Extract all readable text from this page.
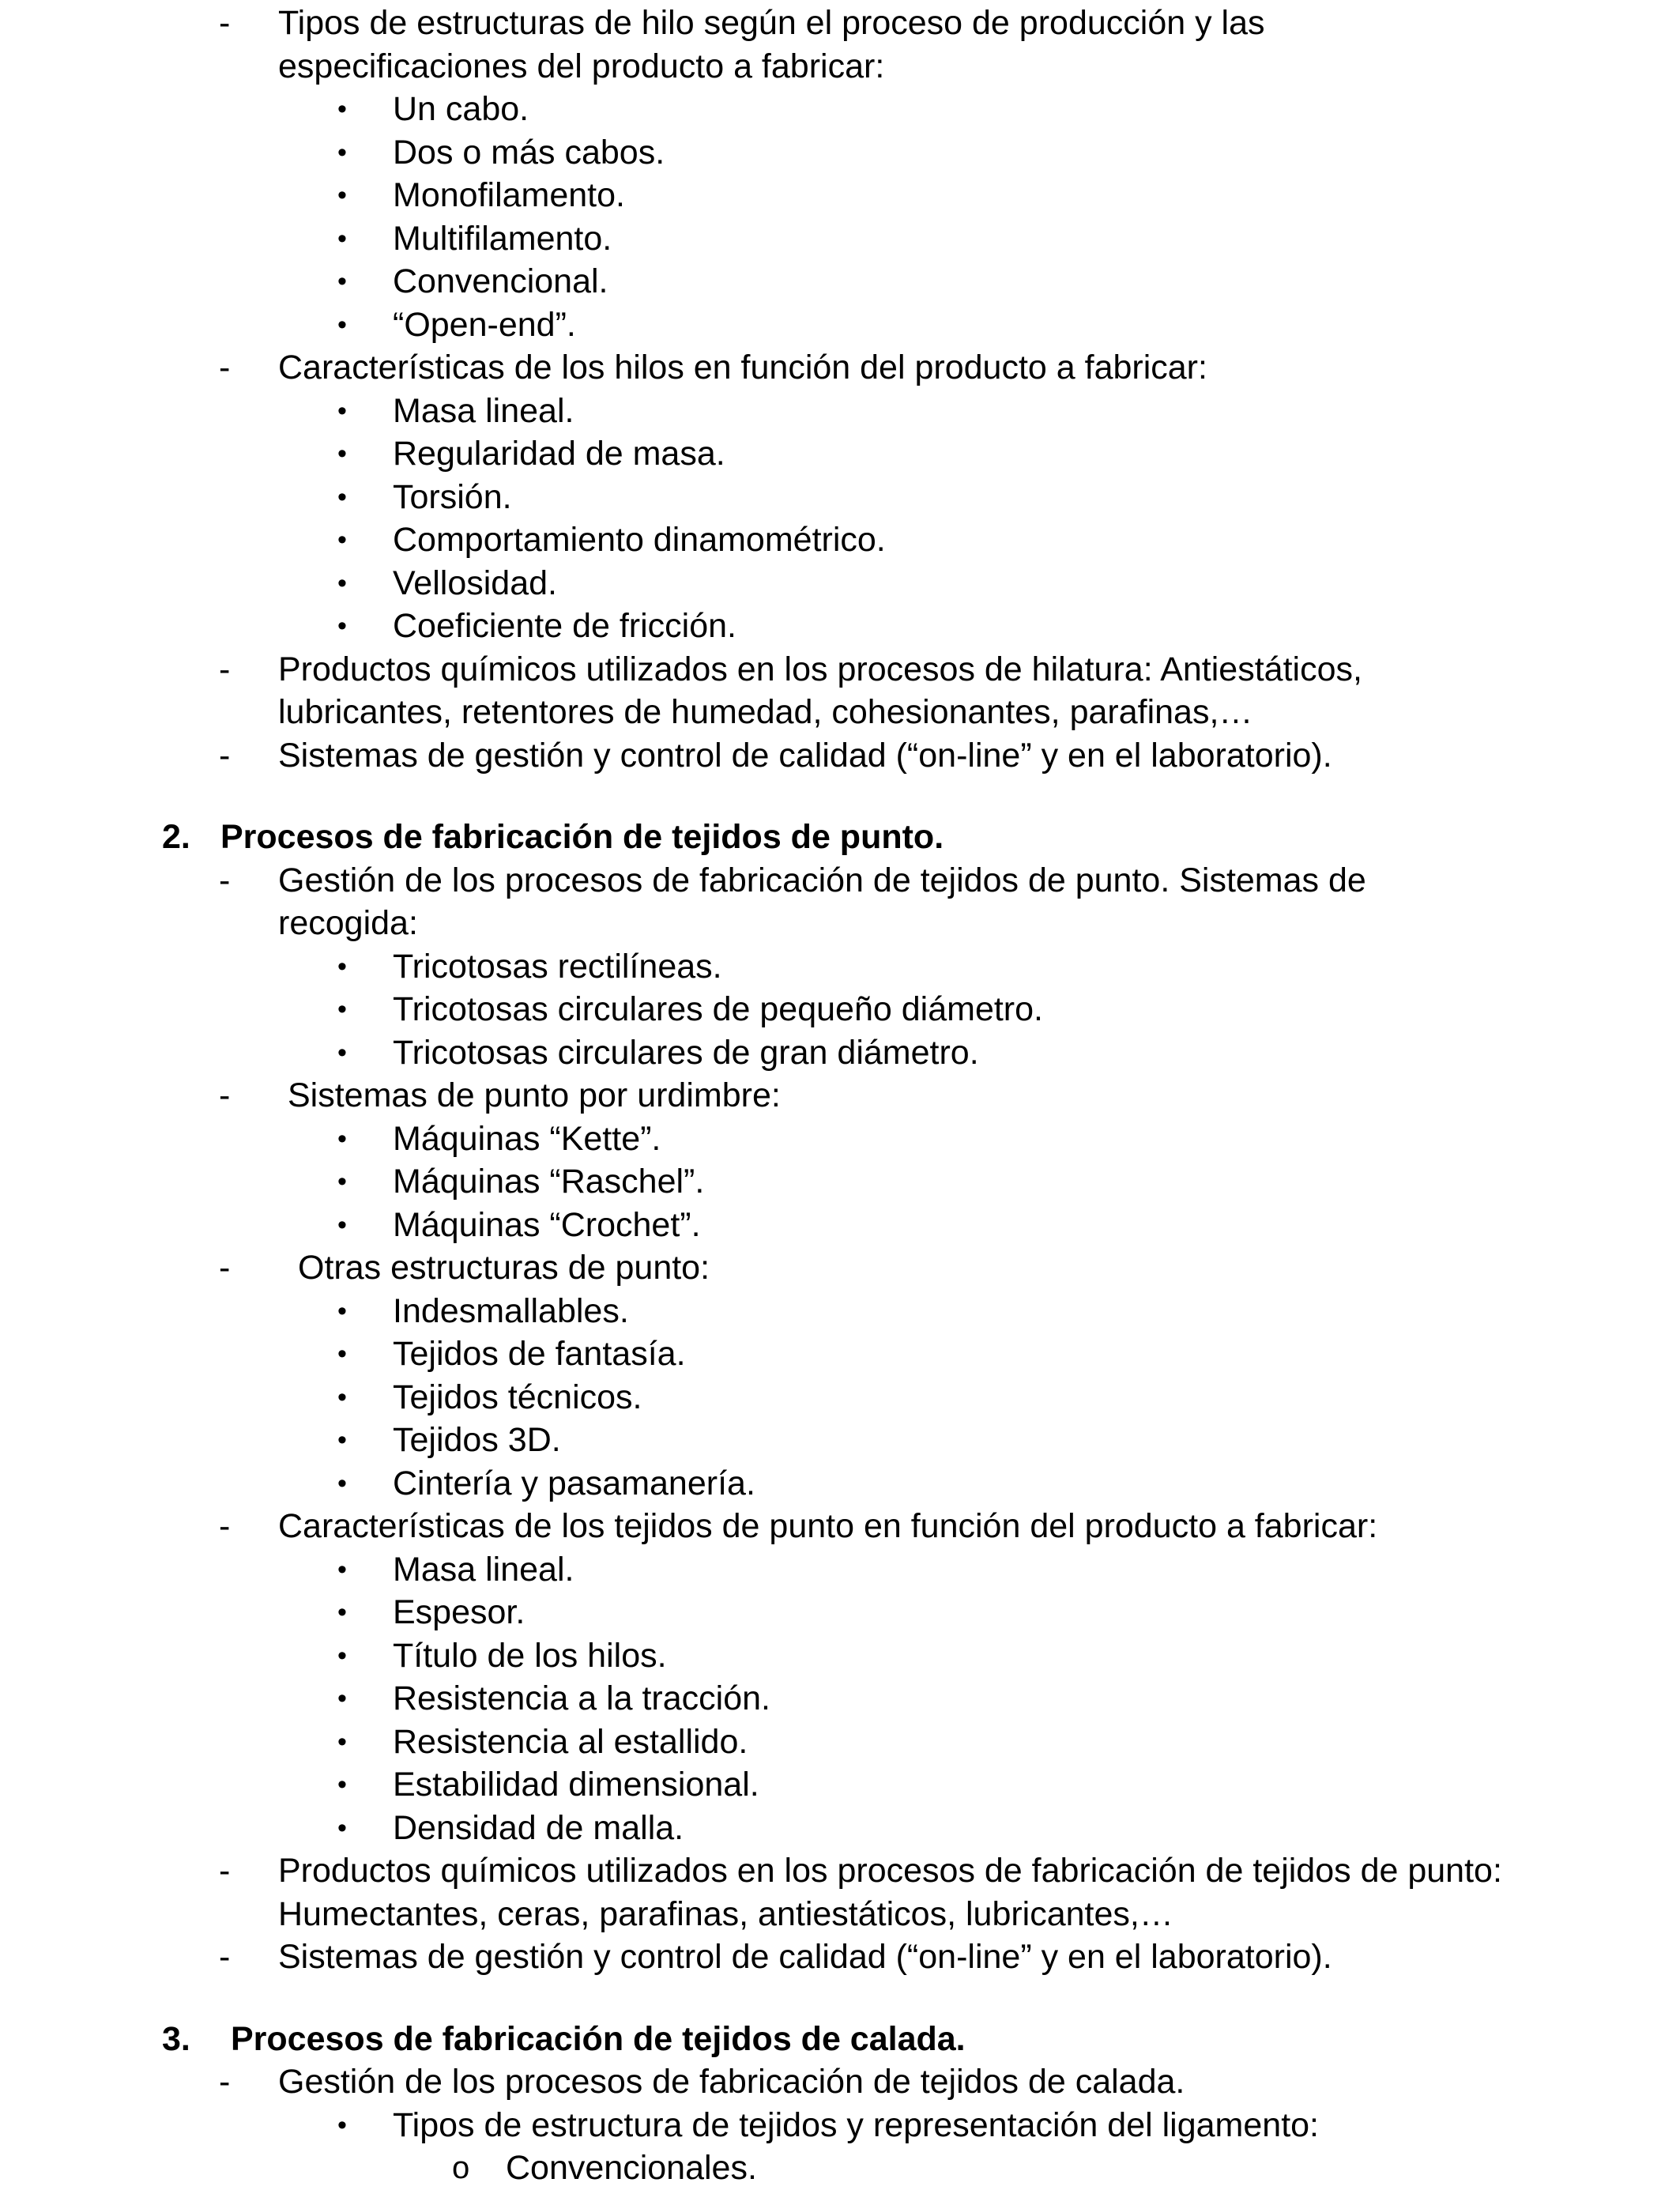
- Tipos de estructuras de hilo según el proceso de producción y las
especificaciones del producto a fabricar:
• Un cabo.
• Dos o más cabos.
• Monofilamento.
• Multifilamento.
• Convencional.
• “Open-end”.
- Características de los hilos en función del producto a fabricar:
• Masa lineal.
• Regularidad de masa.
• Torsión.
• Comportamiento dinamométrico.
• Vellosidad.
• Coeficiente de fricción.
- Productos químicos utilizados en los procesos de hilatura: Antiestáticos,
lubricantes, retentores de humedad, cohesionantes, parafinas,…
- Sistemas de gestión y control de calidad (“on-line” y en el laboratorio).
2. Procesos de fabricación de tejidos de punto.
- Gestión de los procesos de fabricación de tejidos de punto. Sistemas de
recogida:
• Tricotosas rectilíneas.
• Tricotosas circulares de pequeño diámetro.
• Tricotosas circulares de gran diámetro.
- Sistemas de punto por urdimbre:
• Máquinas “Kette”.
• Máquinas “Raschel”.
• Máquinas “Crochet”.
- Otras estructuras de punto:
• Indesmallables.
• Tejidos de fantasía.
• Tejidos técnicos.
• Tejidos 3D.
• Cintería y pasamanería.
- Características de los tejidos de punto en función del producto a fabricar:
• Masa lineal.
• Espesor.
• Título de los hilos.
• Resistencia a la tracción.
• Resistencia al estallido.
• Estabilidad dimensional.
• Densidad de malla.
- Productos químicos utilizados en los procesos de fabricación de tejidos de punto:
Humectantes, ceras, parafinas, antiestáticos, lubricantes,…
- Sistemas de gestión y control de calidad (“on-line” y en el laboratorio).
3. Procesos de fabricación de tejidos de calada.
- Gestión de los procesos de fabricación de tejidos de calada.
• Tipos de estructura de tejidos y representación del ligamento:
o Convencionales.
